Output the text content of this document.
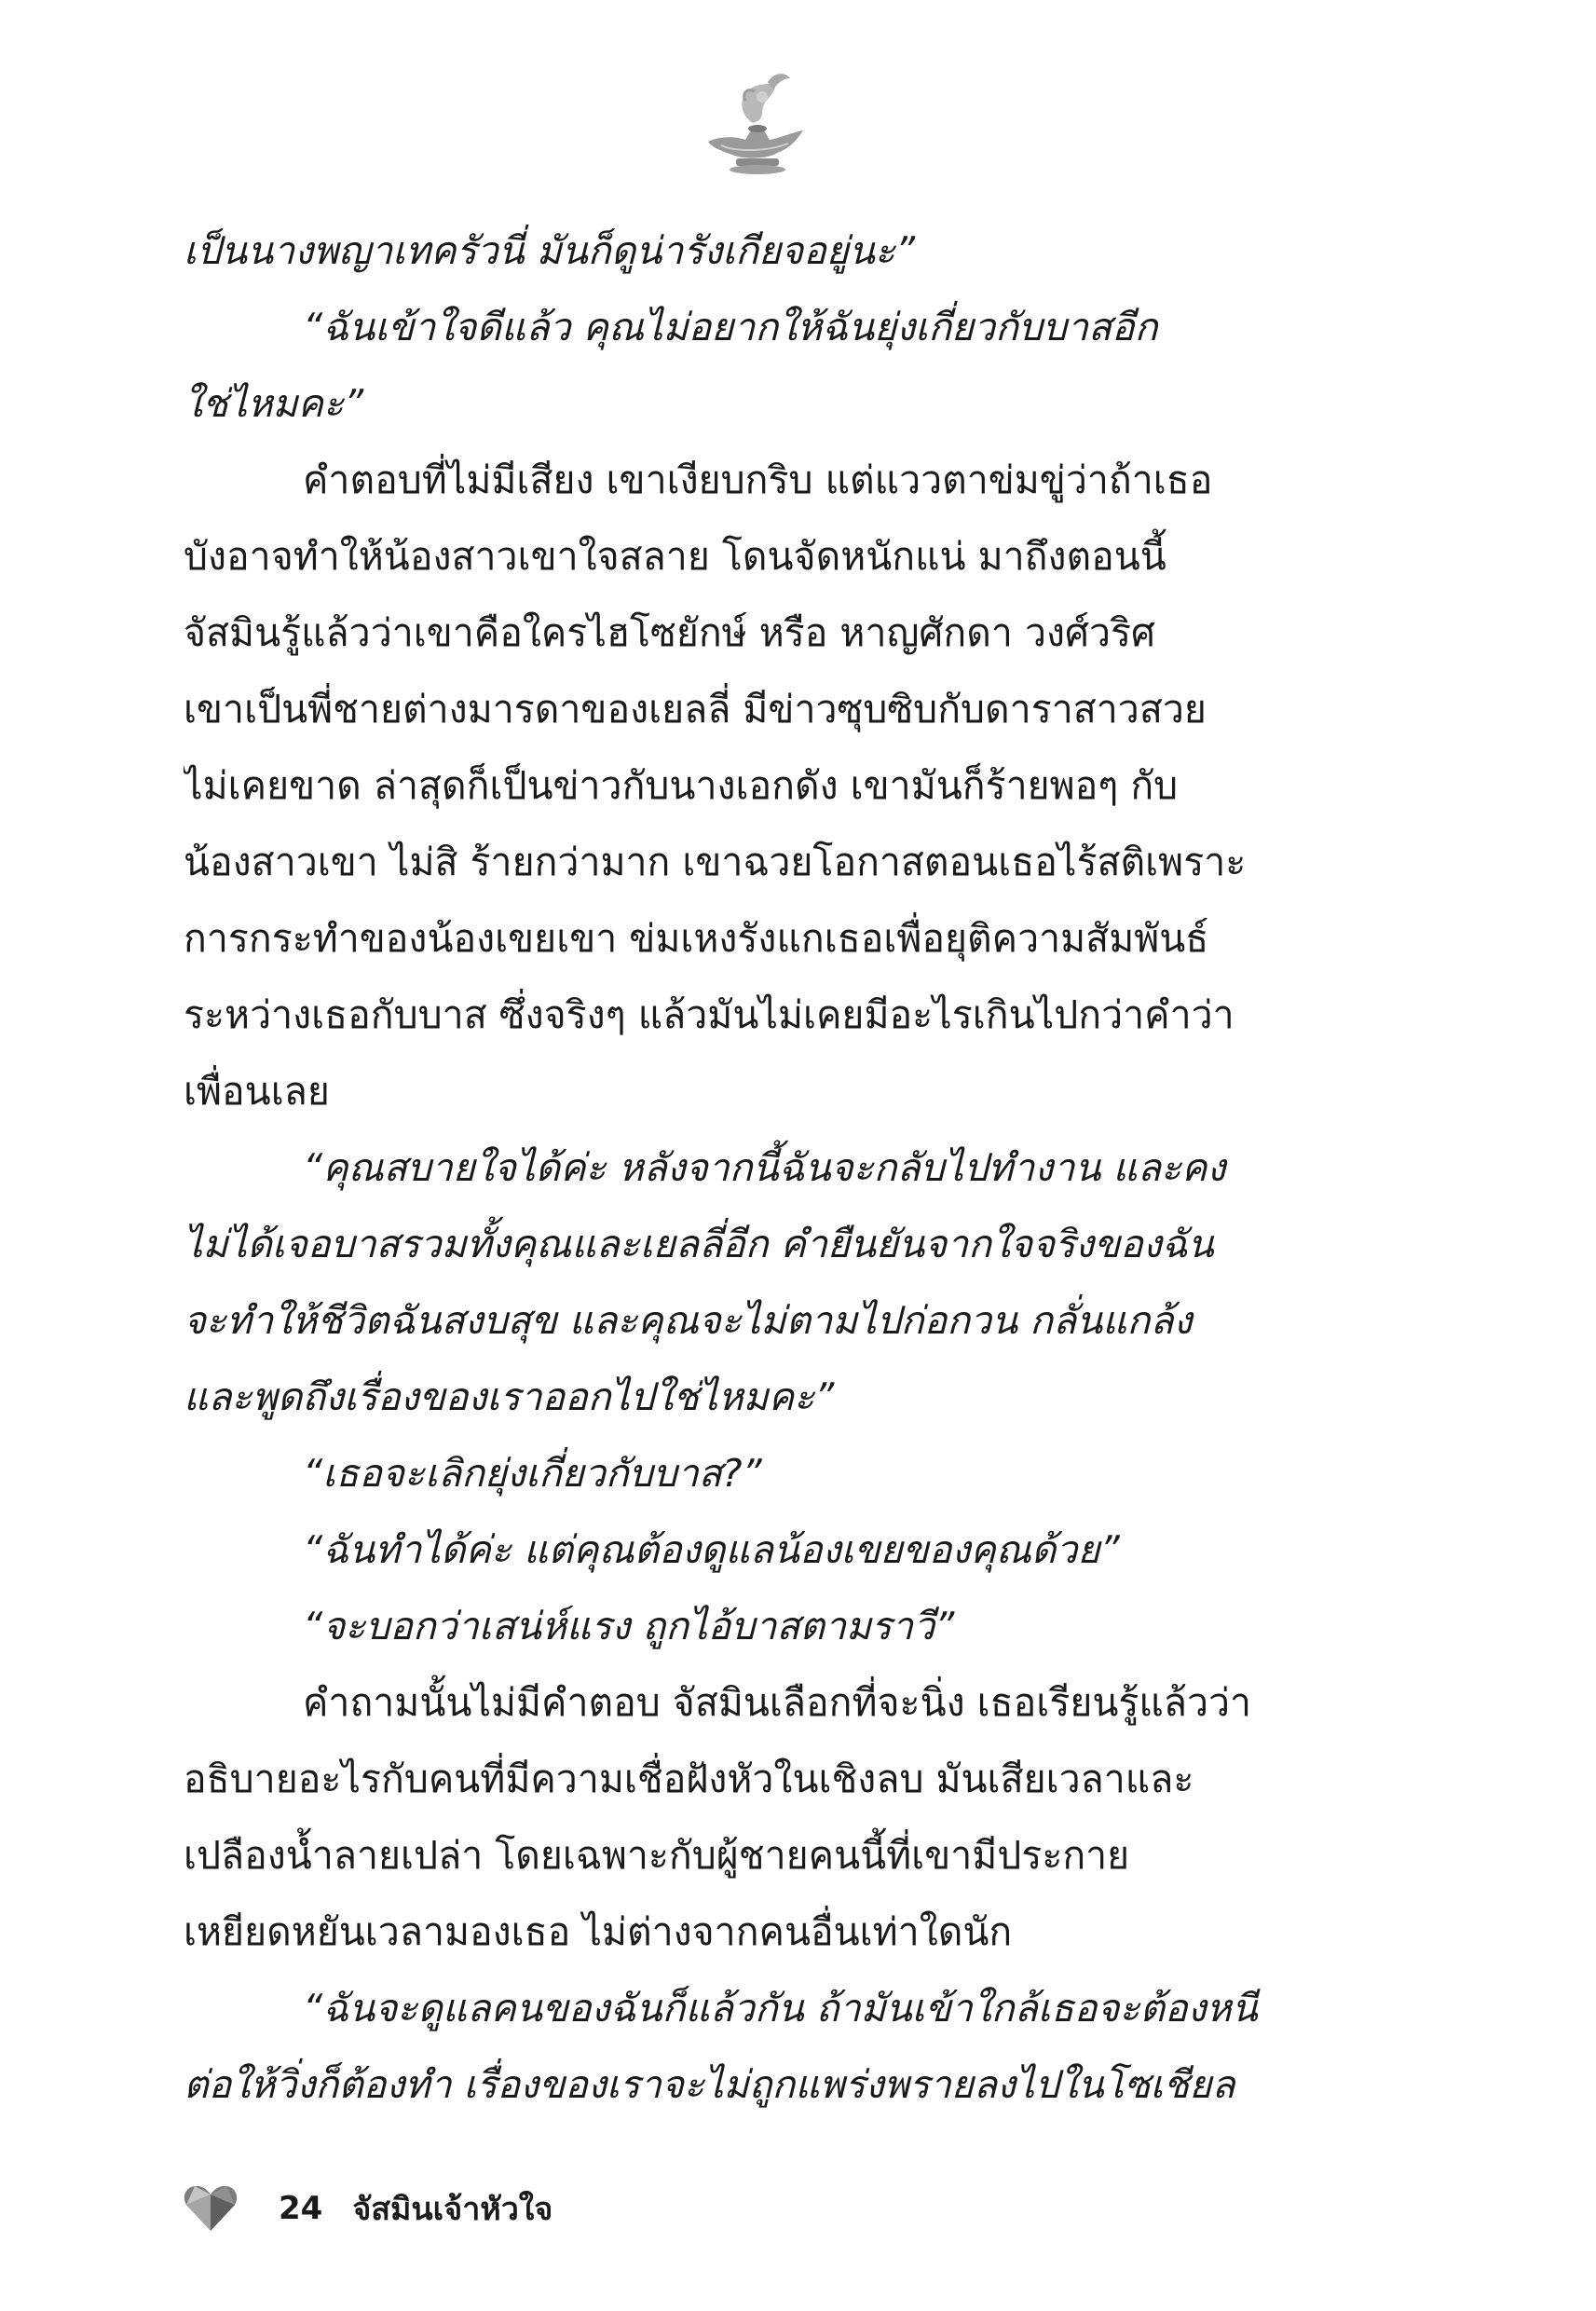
เป็นนางพญาเทครัวนี่ มันก็ดูน่ารังเกียจอยู่นะ”
“ฉันเข้าใจดีแล้ว คุณไม่อยากให้ฉันยุ่งเกี่ยวกับบาสอีก
ใช่ไหมคะ”
คำตอบที่ไม่มีเสียง เขาเงียบกริบ แต่แววตาข่มขู่ว่าถ้าเธอ
บังอาจทำให้น้องสาวเขาใจสลาย โดนจัดหนักแน่ มาถึงตอนนี้
จัสมินรู้แล้วว่าเขาคือใครไฮโซยักษ์ หรือ หาญศักดา วงศ์วริศ
เขาเป็นพี่ชายต่างมารดาของเยลลี่ มีข่าวซุบซิบกับดาราสาวสวย
ไม่เคยขาด ล่าสุดก็เป็นข่าวกับนางเอกดัง เขามันก็ร้ายพอๆ กับ
น้องสาวเขา ไม่สิ ร้ายกว่ามาก เขาฉวยโอกาสตอนเธอไร้สติเพราะ
การกระทำของน้องเขยเขา ข่มเหงรังแกเธอเพื่อยุติความสัมพันธ์
ระหว่างเธอกับบาส ซึ่งจริงๆ แล้วมันไม่เคยมีอะไรเกินไปกว่าคำว่า
เพื่อนเลย
“คุณสบายใจได้ค่ะ หลังจากนี้ฉันจะกลับไปทำงาน และคง
ไม่ได้เจอบาสรวมทั้งคุณและเยลลี่อีก คำยืนยันจากใจจริงของฉัน
จะทำให้ชีวิตฉันสงบสุข และคุณจะไม่ตามไปก่อกวน กลั่นแกล้ง
และพูดถึงเรื่องของเราออกไปใช่ไหมคะ”
“เธอจะเลิกยุ่งเกี่ยวกับบาส?”
“ฉันทำได้ค่ะ แต่คุณต้องดูแลน้องเขยของคุณด้วย”
“จะบอกว่าเสน่ห์แรง ถูกไอ้บาสตามราวี”
คำถามนั้นไม่มีคำตอบ จัสมินเลือกที่จะนิ่ง เธอเรียนรู้แล้วว่า
อธิบายอะไรกับคนที่มีความเชื่อฝังหัวในเชิงลบ มันเสียเวลาและ
เปลืองน้ำลายเปล่า โดยเฉพาะกับผู้ชายคนนี้ที่เขามีประกาย
เหยียดหยันเวลามองเธอ ไม่ต่างจากคนอื่นเท่าใดนัก
“ฉันจะดูแลคนของฉันก็แล้วกัน ถ้ามันเข้าใกล้เธอจะต้องหนี
ต่อให้วิ่งก็ต้องทำ เรื่องของเราจะไม่ถูกแพร่งพรายลงไปในโซเชียล
24 จัสมินเจ้าหัวใจ
